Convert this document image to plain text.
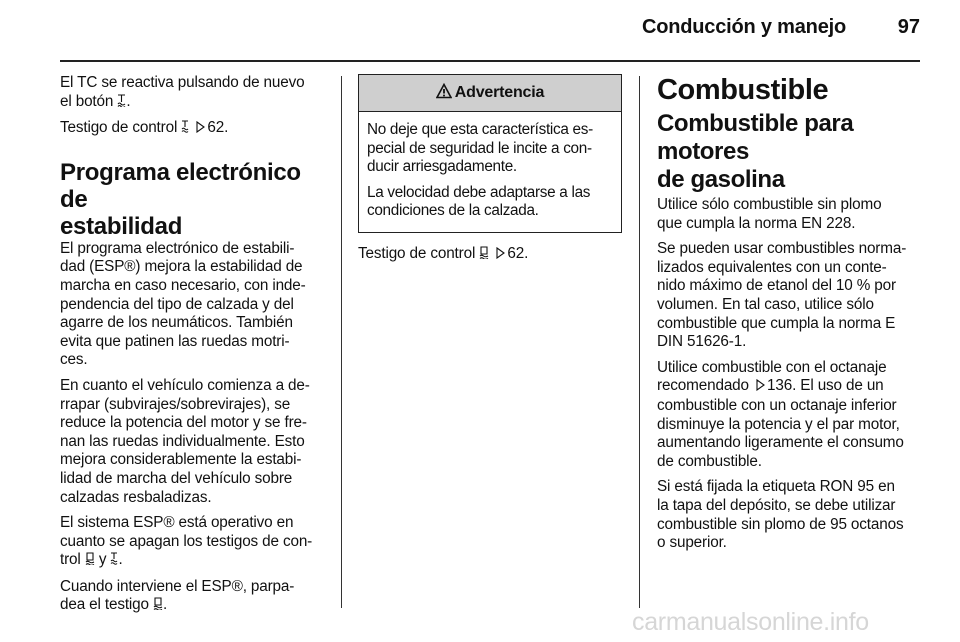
Conducción y manejo	97

El TC se reactiva pulsando de nuevo
el botón .

Testigo de control 62.

Programa electrónico de
estabilidad

El programa electrónico de estabili-
dad (ESP®) mejora la estabilidad de
marcha en caso necesario, con inde-
pendencia del tipo de calzada y del
agarre de los neumáticos. También
evita que patinen las ruedas motri-
ces.

En cuanto el vehículo comienza a de-
rrapar (subvirajes/sobrevirajes), se
reduce la potencia del motor y se fre-
nan las ruedas individualmente. Esto
mejora considerablemente la estabi-
lidad de marcha del vehículo sobre
calzadas resbaladizas.

El sistema ESP® está operativo en
cuanto se apagan los testigos de con-
trol y .

Cuando interviene el ESP®, parpa-
dea el testigo .

Advertencia

No deje que esta característica es-
pecial de seguridad le incite a con-
ducir arriesgadamente.

La velocidad debe adaptarse a las
condiciones de la calzada.

Testigo de control 62.

Combustible
Combustible para motores
de gasolina

Utilice sólo combustible sin plomo
que cumpla la norma EN 228.

Se pueden usar combustibles norma-
lizados equivalentes con un conte-
nido máximo de etanol del 10 % por
volumen. En tal caso, utilice sólo
combustible que cumpla la norma E
DIN 51626-1.

Utilice combustible con el octanaje
recomendado 136. El uso de un
combustible con un octanaje inferior
disminuye la potencia y el par motor,
aumentando ligeramente el consumo
de combustible.

Si está fijada la etiqueta RON 95 en
la tapa del depósito, se debe utilizar
combustible sin plomo de 95 octanos
o superior.

carmanualsonline.info
